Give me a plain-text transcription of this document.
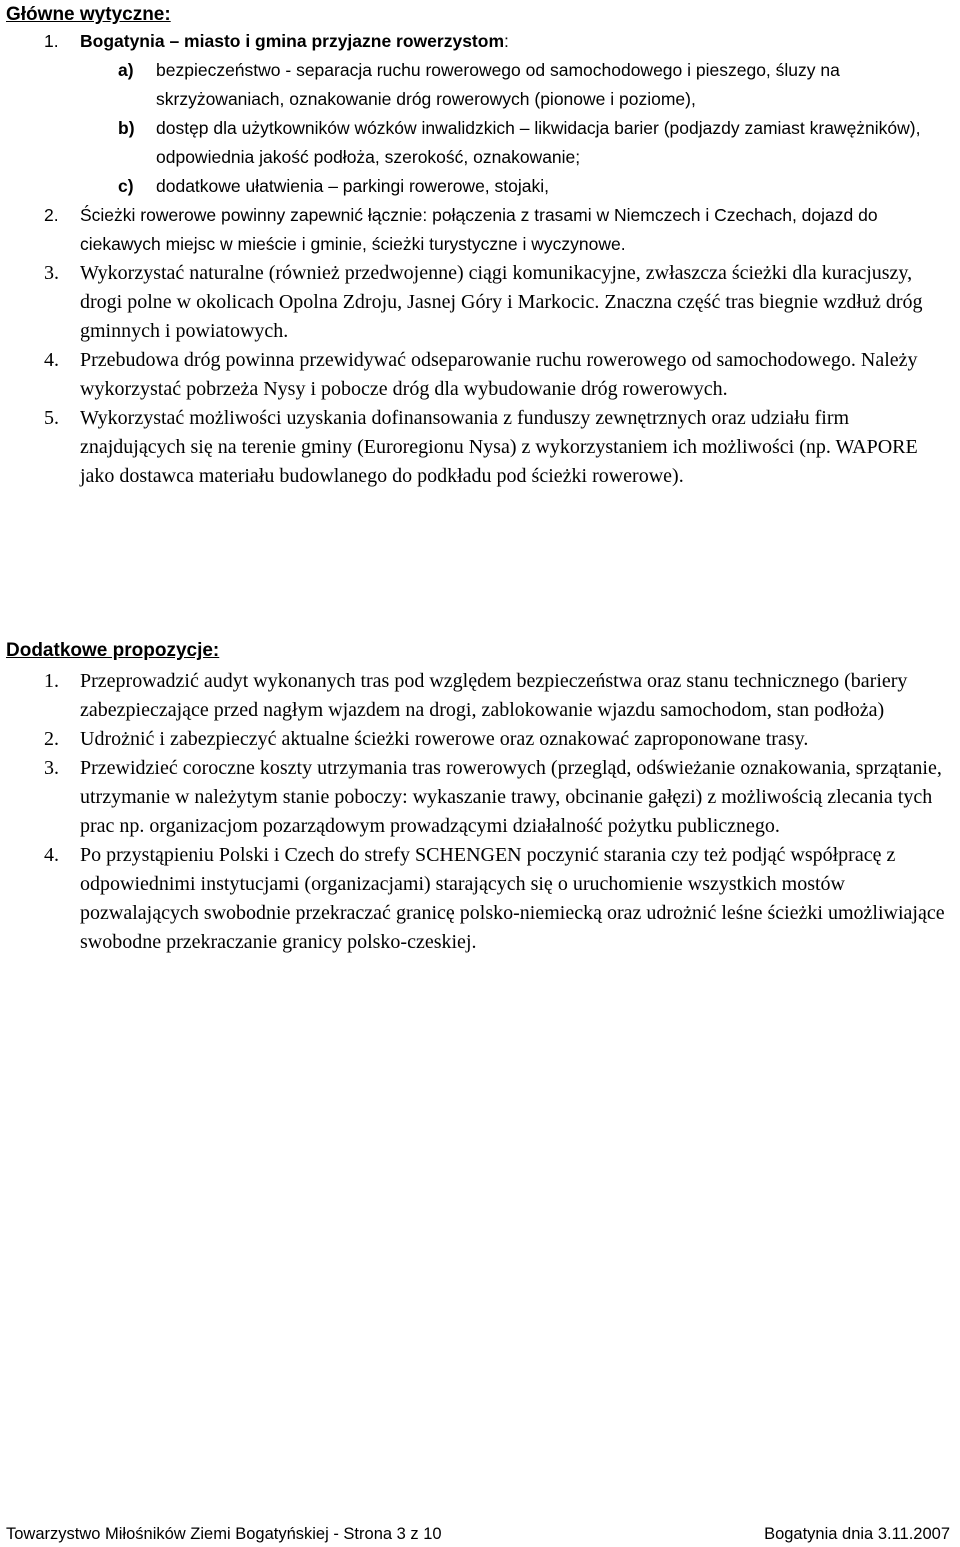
Główne wytyczne:
1. Bogatynia – miasto i gmina przyjazne rowerzystom:
a) bezpieczeństwo - separacja ruchu rowerowego od samochodowego i pieszego, śluzy na skrzyżowaniach, oznakowanie dróg rowerowych (pionowe i poziome),
b) dostęp dla użytkowników wózków inwalidzkich – likwidacja barier (podjazdy zamiast krawężników), odpowiednia jakość podłoża, szerokość, oznakowanie;
c) dodatkowe ułatwienia – parkingi rowerowe, stojaki,
2. Ścieżki rowerowe powinny zapewnić łącznie: połączenia z trasami w Niemczech i Czechach, dojazd do ciekawych miejsc w mieście i gminie, ścieżki turystyczne i wyczynowe.
3. Wykorzystać naturalne (również przedwojenne) ciągi komunikacyjne, zwłaszcza ścieżki dla kuracjuszy, drogi polne w okolicach Opolna Zdroju, Jasnej Góry i Markocic. Znaczna część tras biegnie wzdłuż dróg gminnych i powiatowych.
4. Przebudowa dróg powinna przewidywać odseparowanie ruchu rowerowego od samochodowego. Należy wykorzystać pobrzeża Nysy i pobocze dróg dla wybudowanie dróg rowerowych.
5. Wykorzystać możliwości uzyskania dofinansowania z funduszy zewnętrznych oraz udziału firm znajdujących się na terenie gminy (Euroregionu Nysa) z wykorzystaniem ich możliwości (np. WAPORE jako dostawca materiału budowlanego do podkładu pod ścieżki rowerowe).
Dodatkowe propozycje:
1. Przeprowadzić audyt wykonanych tras pod względem bezpieczeństwa oraz stanu technicznego (bariery zabezpieczające przed nagłym wjazdem na drogi, zablokowanie wjazdu samochodom, stan podłoża)
2. Udrożnić i zabezpieczyć aktualne ścieżki rowerowe oraz oznakować zaproponowane trasy.
3. Przewidzieć coroczne koszty utrzymania tras rowerowych (przegląd, odświeżanie oznakowania, sprzątanie, utrzymanie w należytym stanie poboczy: wykaszanie trawy, obcinanie gałęzi) z możliwością zlecania tych prac np. organizacjom pozarządowym prowadzącymi działalność pożytku publicznego.
4. Po przystąpieniu Polski i Czech do strefy SCHENGEN poczynić starania czy też podjąć współpracę z odpowiednimi instytucjami (organizacjami) starających się o uruchomienie wszystkich mostów pozwalających swobodnie przekraczać granicę polsko-niemiecką oraz udrożnić leśne ścieżki umożliwiające swobodne przekraczanie granicy polsko-czeskiej.
Towarzystwo Miłośników Ziemi Bogatyńskiej - Strona 3 z 10	Bogatynia dnia 3.11.2007
